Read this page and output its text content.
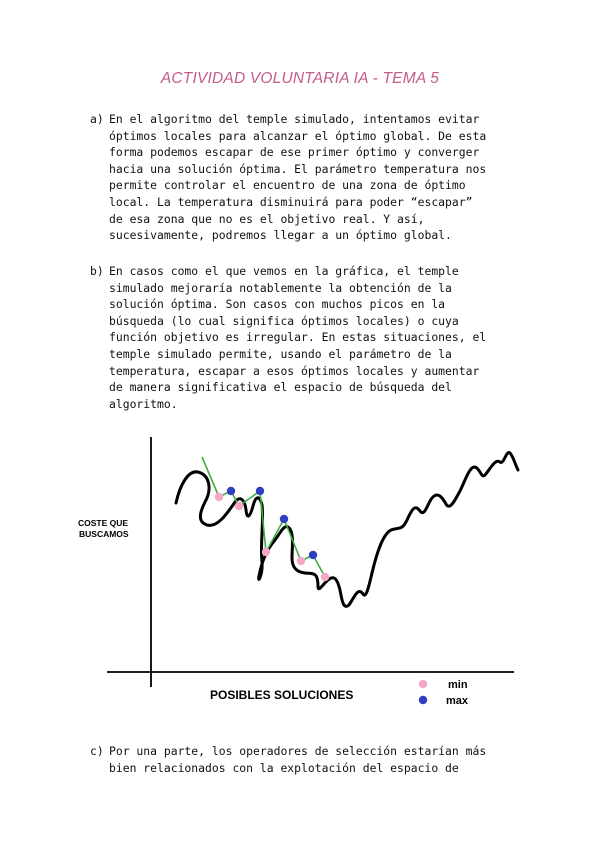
ACTIVIDAD VOLUNTARIA IA - TEMA 5
a) En el algoritmo del temple simulado, intentamos evitar
óptimos locales para alcanzar el óptimo global. De esta
forma podemos escapar de ese primer óptimo y converger
hacia una solución óptima. El parámetro temperatura nos
permite controlar el encuentro de una zona de óptimo
local. La temperatura disminuirá para poder “escapar”
de esa zona que no es el objetivo real. Y así,
sucesivamente, podremos llegar a un óptimo global.
b) En casos como el que vemos en la gráfica, el temple
simulado mejoraría notablemente la obtención de la
solución óptima. Son casos con muchos picos en la
búsqueda (lo cual significa óptimos locales) o cuya
función objetivo es irregular. En estas situaciones, el
temple simulado permite, usando el parámetro de la
temperatura, escapar a esos óptimos locales y aumentar
de manera significativa el espacio de búsqueda del
algoritmo.
COSTE QUE
BUSCAMOS
POSIBLES SOLUCIONES
min
max
c) Por una parte, los operadores de selección estarían más
bien relacionados con la explotación del espacio de
